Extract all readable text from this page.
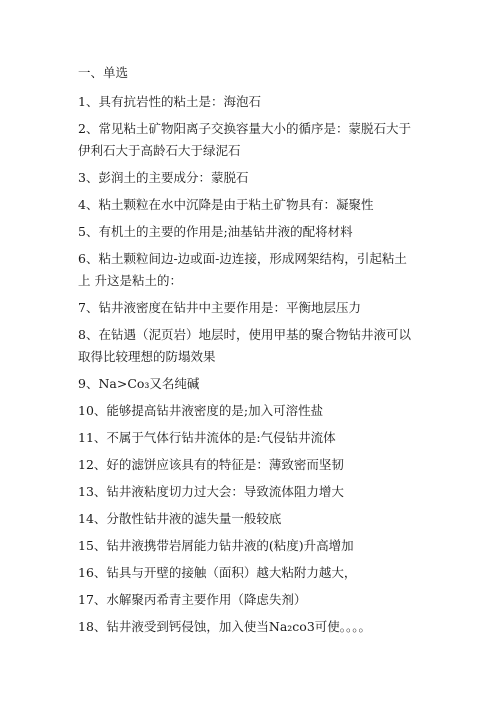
一、单选

1、具有抗岩性的粘土是：海泡石

2、常见粘土矿物阳离子交换容量大小的循序是：蒙脱石大于伊利石大于高龄石大于绿泥石

3、彭润土的主要成分：蒙脱石

4、粘土颗粒在水中沉降是由于粘土矿物具有：凝聚性

5、有机土的主要的作用是;油基钻井液的配将材料

6、粘土颗粒间边-边或面-边连接，形成网架结构，引起粘土上 升这是粘土的：

7、钻井液密度在钻井中主要作用是：平衡地层压力

8、在钻遇（泥页岩）地层时，使用甲基的聚合物钻井液可以取得比较理想的防塌效果

9、Na>Co₃又名纯碱

10、能够提高钻井液密度的是;加入可溶性盐

11、不属于气体行钻井流体的是:气侵钻井流体

12、好的滤饼应该具有的特征是：薄致密而坚韧

13、钻井液粘度切力过大会：导致流体阻力增大

14、分散性钻井液的滤失量一般较底

15、钻井液携带岩屑能力钻井液的(粘度)升高增加

16、钻具与开壁的接触（面积）越大粘附力越大，

17、水解聚丙希青主要作用（降虑失剂）

18、钻井液受到钙侵蚀，加入使当Na₂co3可使。。。。
